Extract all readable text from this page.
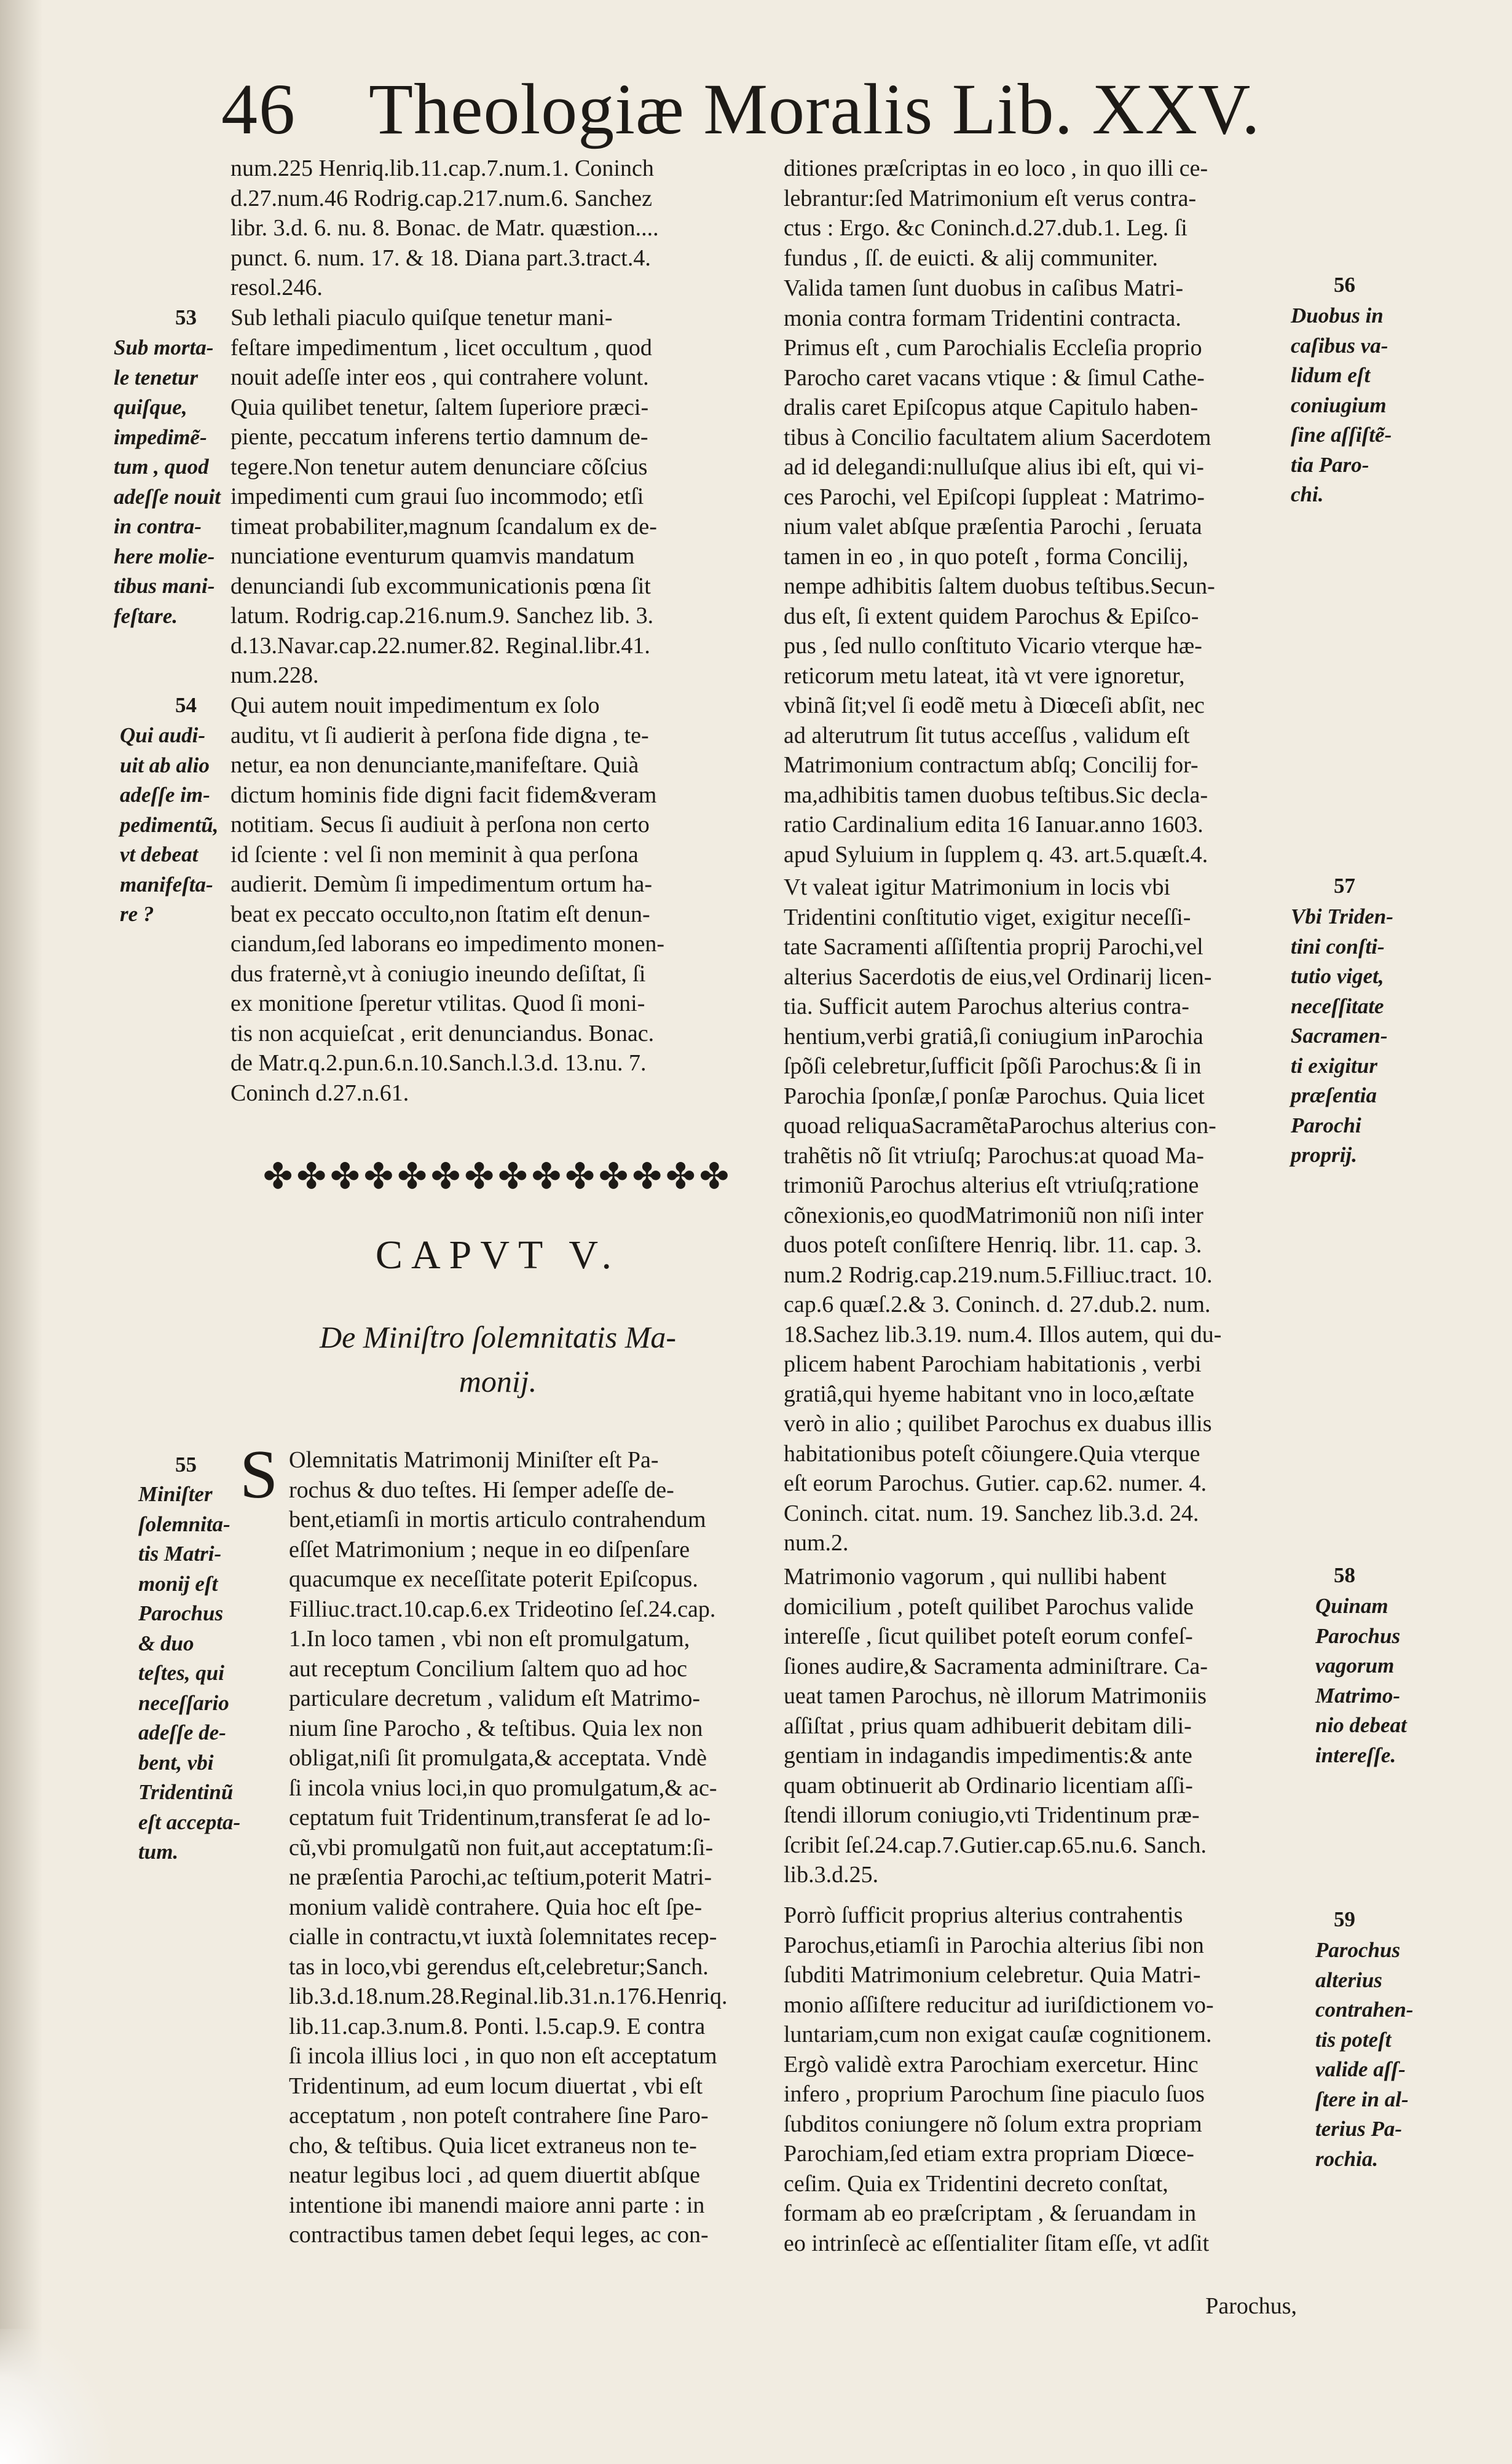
46 Theologiæ Moralis Lib. XXV.
num.225 Henriq.lib.11.cap.7.num.1. Coninch
d.27.num.46 Rodrig.cap.217.num.6. Sanchez
libr. 3.d. 6. nu. 8. Bonac. de Matr. quæstion....
punct. 6. num. 17. & 18. Diana part.3.tract.4.
resol.246.
Sub lethali piaculo quiſque tenetur mani-
feſtare impedimentum , licet occultum , quod
nouit adeſſe inter eos , qui contrahere volunt.
Quia quilibet tenetur, ſaltem ſuperiore præci-
piente, peccatum inferens tertio damnum de-
tegere.Non tenetur autem denunciare cõſcius
impedimenti cum graui ſuo incommodo; etſi
timeat probabiliter,magnum ſcandalum ex de-
nunciatione eventurum quamvis mandatum
denunciandi ſub excommunicationis pœna ſit
latum. Rodrig.cap.216.num.9. Sanchez lib. 3.
d.13.Navar.cap.22.numer.82. Reginal.libr.41.
num.228.
Qui autem nouit impedimentum ex ſolo
auditu, vt ſi audierit à perſona fide digna , te-
netur, ea non denunciante,manifeſtare. Quià
dictum hominis fide digni facit fidem&veram
notitiam. Secus ſi audiuit à perſona non certo
id ſciente : vel ſi non meminit à qua perſona
audierit. Demùm ſi impedimentum ortum ha-
beat ex peccato occulto,non ſtatim eſt denun-
ciandum,ſed laborans eo impedimento monen-
dus fraternè,vt à coniugio ineundo deſiſtat, ſi
ex monitione ſperetur vtilitas. Quod ſi moni-
tis non acquieſcat , erit denunciandus. Bonac.
de Matr.q.2.pun.6.n.10.Sanch.l.3.d. 13.nu. 7.
Coninch d.27.n.61.
✤✤✤✤✤✤✤✤✤✤✤✤✤✤
CAPVT V.
De Miniſtro ſolemnitatis Ma-
monij.
S Olemnitatis Matrimonij Miniſter eſt Pa-
rochus & duo teſtes. Hi ſemper adeſſe de-
bent,etiamſi in mortis articulo contrahendum
eſſet Matrimonium ; neque in eo diſpenſare
quacumque ex neceſſitate poterit Epiſcopus.
Filliuc.tract.10.cap.6.ex Trideotino ſeſ.24.cap.
1.In loco tamen , vbi non eſt promulgatum,
aut receptum Concilium ſaltem quo ad hoc
particulare decretum , validum eſt Matrimo-
nium ſine Parocho , & teſtibus. Quia lex non
obligat,niſi ſit promulgata,& acceptata. Vndè
ſi incola vnius loci,in quo promulgatum,& ac-
ceptatum fuit Tridentinum,transferat ſe ad lo-
cũ,vbi promulgatũ non fuit,aut acceptatum:ſi-
ne præſentia Parochi,ac teſtium,poterit Matri-
monium validè contrahere. Quia hoc eſt ſpe-
cialle in contractu,vt iuxtà ſolemnitates recep-
tas in loco,vbi gerendus eſt,celebretur;Sanch.
lib.3.d.18.num.28.Reginal.lib.31.n.176.Henriq.
lib.11.cap.3.num.8. Ponti. l.5.cap.9. E contra
ſi incola illius loci , in quo non eſt acceptatum
Tridentinum, ad eum locum diuertat , vbi eſt
acceptatum , non poteſt contrahere ſine Paro-
cho, & teſtibus. Quia licet extraneus non te-
neatur legibus loci , ad quem diuertit abſque
intentione ibi manendi maiore anni parte : in
contractibus tamen debet ſequi leges, ac con-
53
Sub morta-
le tenetur
quiſque,
impedimẽ-
tum , quod
adeſſe nouit
in contra-
here molie-
tibus mani-
feſtare.
54
Qui audi-
uit ab alio
adeſſe im-
pedimentũ,
vt debeat
manifeſta-
re ?
55
Miniſter
ſolemnita-
tis Matri-
monij eſt
Parochus
& duo
teſtes, qui
neceſſario
adeſſe de-
bent, vbi
Tridentinũ
eſt accepta-
tum.
ditiones præſcriptas in eo loco , in quo illi ce-
lebrantur:ſed Matrimonium eſt verus contra-
ctus : Ergo. &c Coninch.d.27.dub.1. Leg. ſi
fundus , ſſ. de euicti. & alij communiter.
Valida tamen ſunt duobus in caſibus Matri-
monia contra formam Tridentini contracta.
Primus eſt , cum Parochialis Eccleſia proprio
Parocho caret vacans vtique : & ſimul Cathe-
dralis caret Epiſcopus atque Capitulo haben-
tibus à Concilio facultatem alium Sacerdotem
ad id delegandi:nulluſque alius ibi eſt, qui vi-
ces Parochi, vel Epiſcopi ſuppleat : Matrimo-
nium valet abſque præſentia Parochi , ſeruata
tamen in eo , in quo poteſt , forma Concilij,
nempe adhibitis ſaltem duobus teſtibus.Secun-
dus eſt, ſi extent quidem Parochus & Epiſco-
pus , ſed nullo conſtituto Vicario vterque hæ-
reticorum metu lateat, ità vt vere ignoretur,
vbinã ſit;vel ſi eodẽ metu à Diœceſi abſit, nec
ad alterutrum ſit tutus acceſſus , validum eſt
Matrimonium contractum abſq; Concilij for-
ma,adhibitis tamen duobus teſtibus.Sic decla-
ratio Cardinalium edita 16 Ianuar.anno 1603.
apud Syluium in ſupplem q. 43. art.5.quæſt.4.
Vt valeat igitur Matrimonium in locis vbi
Tridentini conſtitutio viget, exigitur neceſſi-
tate Sacramenti aſſiſtentia proprij Parochi,vel
alterius Sacerdotis de eius,vel Ordinarij licen-
tia. Sufficit autem Parochus alterius contra-
hentium,verbi gratiâ,ſi coniugium inParochia
ſpõſi celebretur,ſufficit ſpõſi Parochus:& ſi in
Parochia ſponſæ,ſ ponſæ Parochus. Quia licet
quoad reliquaSacramẽtaParochus alterius con-
trahẽtis nõ ſit vtriuſq; Parochus:at quoad Ma-
trimoniũ Parochus alterius eſt vtriuſq;ratione
cõnexionis,eo quodMatrimoniũ non niſi inter
duos poteſt conſiſtere Henriq. libr. 11. cap. 3.
num.2 Rodrig.cap.219.num.5.Filliuc.tract. 10.
cap.6 quæſ.2.& 3. Coninch. d. 27.dub.2. num.
18.Sachez lib.3.19. num.4. Illos autem, qui du-
plicem habent Parochiam habitationis , verbi
gratiâ,qui hyeme habitant vno in loco,æſtate
verò in alio ; quilibet Parochus ex duabus illis
habitationibus poteſt cõiungere.Quia vterque
eſt eorum Parochus. Gutier. cap.62. numer. 4.
Coninch. citat. num. 19. Sanchez lib.3.d. 24.
num.2.
Matrimonio vagorum , qui nullibi habent
domicilium , poteſt quilibet Parochus valide
intereſſe , ſicut quilibet poteſt eorum confeſ-
ſiones audire,& Sacramenta adminiſtrare. Ca-
ueat tamen Parochus, nè illorum Matrimoniis
aſſiſtat , prius quam adhibuerit debitam dili-
gentiam in indagandis impedimentis:& ante
quam obtinuerit ab Ordinario licentiam aſſi-
ſtendi illorum coniugio,vti Tridentinum præ-
ſcribit ſeſ.24.cap.7.Gutier.cap.65.nu.6. Sanch.
lib.3.d.25.
Porrò ſufficit proprius alterius contrahentis
Parochus,etiamſi in Parochia alterius ſibi non
ſubditi Matrimonium celebretur. Quia Matri-
monio aſſiſtere reducitur ad iuriſdictionem vo-
luntariam,cum non exigat cauſæ cognitionem.
Ergò validè extra Parochiam exercetur. Hinc
infero , proprium Parochum ſine piaculo ſuos
ſubditos coniungere nõ ſolum extra propriam
Parochiam,ſed etiam extra propriam Diœce-
ceſim. Quia ex Tridentini decreto conſtat,
formam ab eo præſcriptam , & ſeruandam in
eo intrinſecè ac eſſentialiter ſitam eſſe, vt adſit
Parochus,
56
Duobus in
caſibus va-
lidum eſt
coniugium
ſine aſſiſtẽ-
tia Paro-
chi.
57
Vbi Triden-
tini conſti-
tutio viget,
neceſſitate
Sacramen-
ti exigitur
præſentia
Parochi
proprij.
58
Quinam
Parochus
vagorum
Matrimo-
nio debeat
intereſſe.
59
Parochus
alterius
contrahen-
tis poteſt
valide aſſ-
ſtere in al-
terius Pa-
rochia.
